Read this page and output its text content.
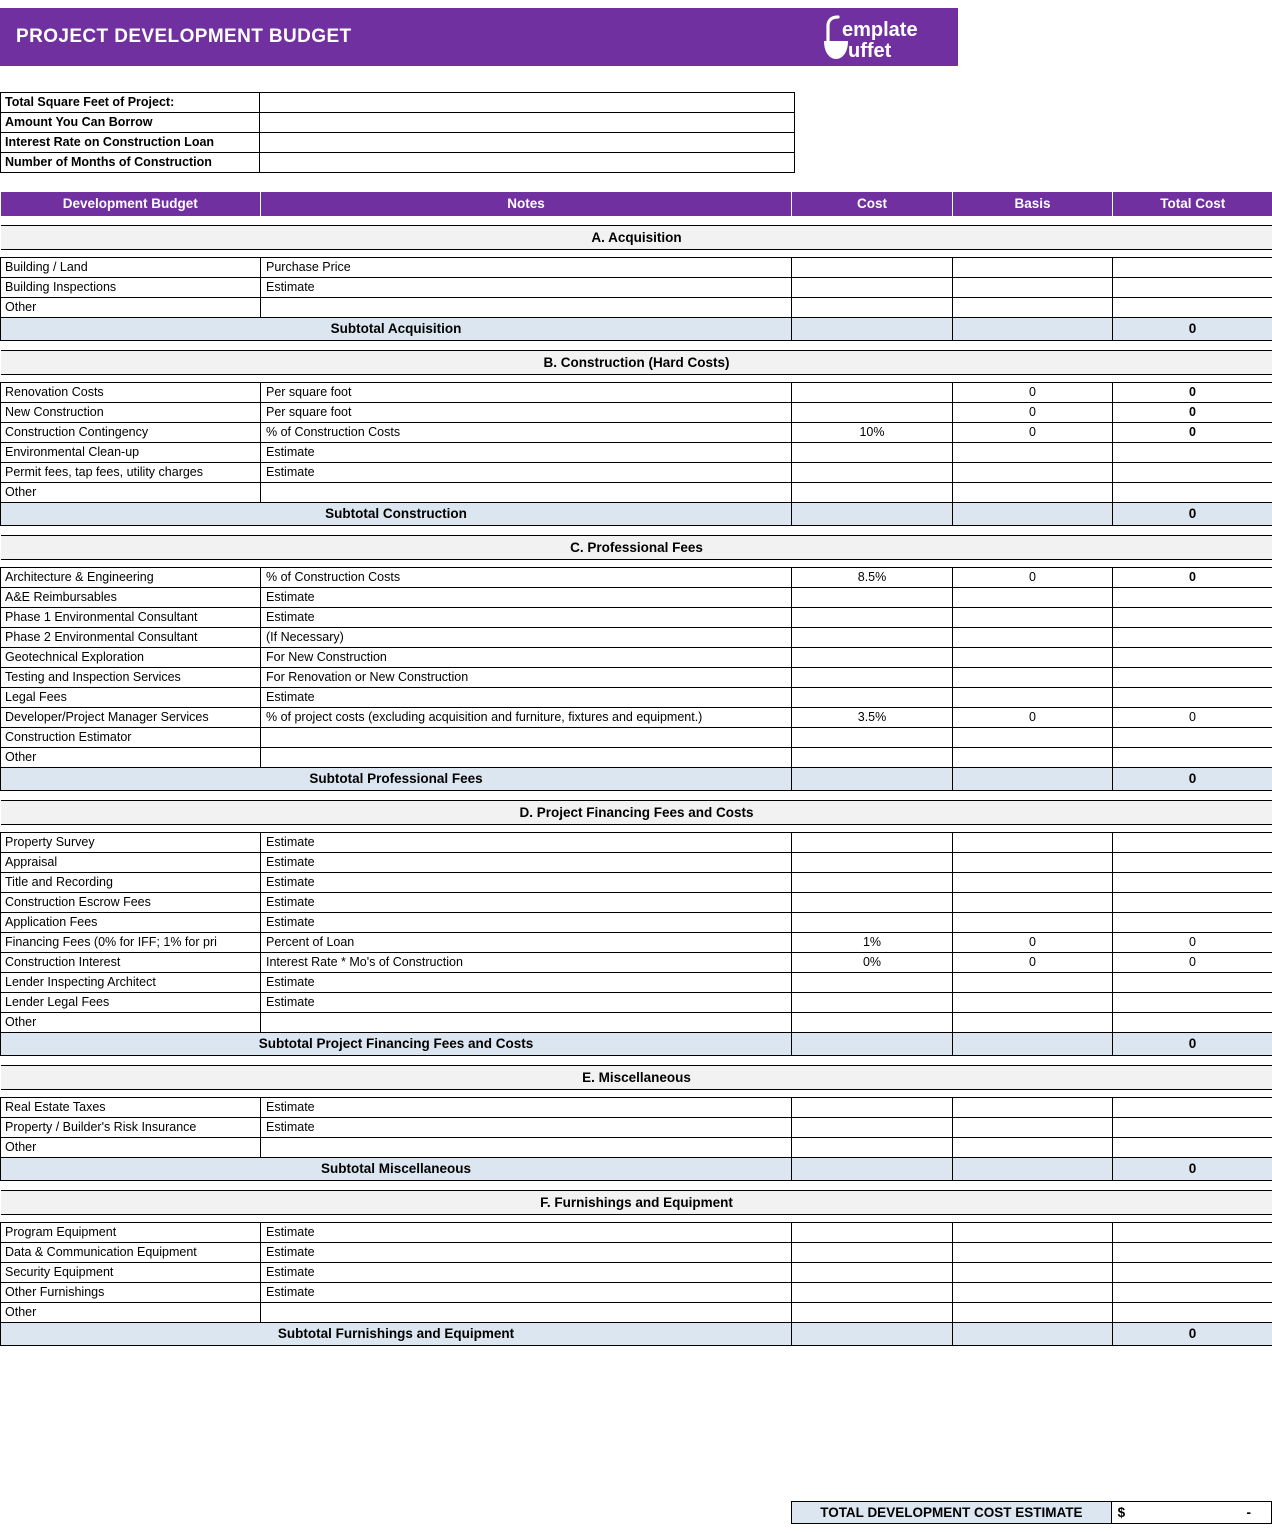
PROJECT DEVELOPMENT BUDGET	emplate
uffet
Total Square Feet of Project:	
Amount You Can Borrow	
Interest Rate on Construction Loan	
Number of Months of Construction	
Development Budget	Notes	Cost	Basis	Total Cost

A. Acquisition				

Building / Land	Purchase Price			
Building Inspections	Estimate			
Other				
Subtotal Acquisition				0

B. Construction (Hard Costs)				

Renovation Costs	Per square foot		0	0
New Construction	Per square foot		0	0
Construction Contingency	% of Construction Costs	10%	0	0
Environmental Clean-up	Estimate			
Permit fees, tap fees, utility charges	Estimate			
Other				
Subtotal Construction				0

C. Professional Fees				

Architecture & Engineering	% of Construction Costs	8.5%	0	0
A&E Reimbursables	Estimate			
Phase 1 Environmental Consultant	Estimate			
Phase 2 Environmental Consultant	(If Necessary)			
Geotechnical Exploration	For New Construction			
Testing and Inspection Services	For Renovation or New Construction			
Legal Fees	Estimate			
Developer/Project Manager Services	% of project costs (excluding acquisition and furniture, fixtures and equipment.)	3.5%	0	0
Construction Estimator				
Other				
Subtotal Professional Fees				0

D. Project Financing Fees and Costs				

Property Survey	Estimate			
Appraisal	Estimate			
Title and Recording	Estimate			
Construction Escrow Fees	Estimate			
Application Fees	Estimate			
Financing Fees (0% for IFF; 1% for pri	Percent of Loan	1%	0	0
Construction Interest	Interest Rate * Mo's of Construction	0%	0	0
Lender Inspecting Architect	Estimate			
Lender Legal Fees	Estimate			
Other				
Subtotal Project Financing Fees and Costs				0

E. Miscellaneous				

Real Estate Taxes	Estimate			
Property / Builder's Risk Insurance	Estimate			
Other				
Subtotal Miscellaneous				0

F. Furnishings and Equipment				

Program Equipment	Estimate			
Data & Communication Equipment	Estimate			
Security Equipment	Estimate			
Other Furnishings	Estimate			
Other				
Subtotal Furnishings and Equipment				0
TOTAL DEVELOPMENT COST ESTIMATE	$	-
